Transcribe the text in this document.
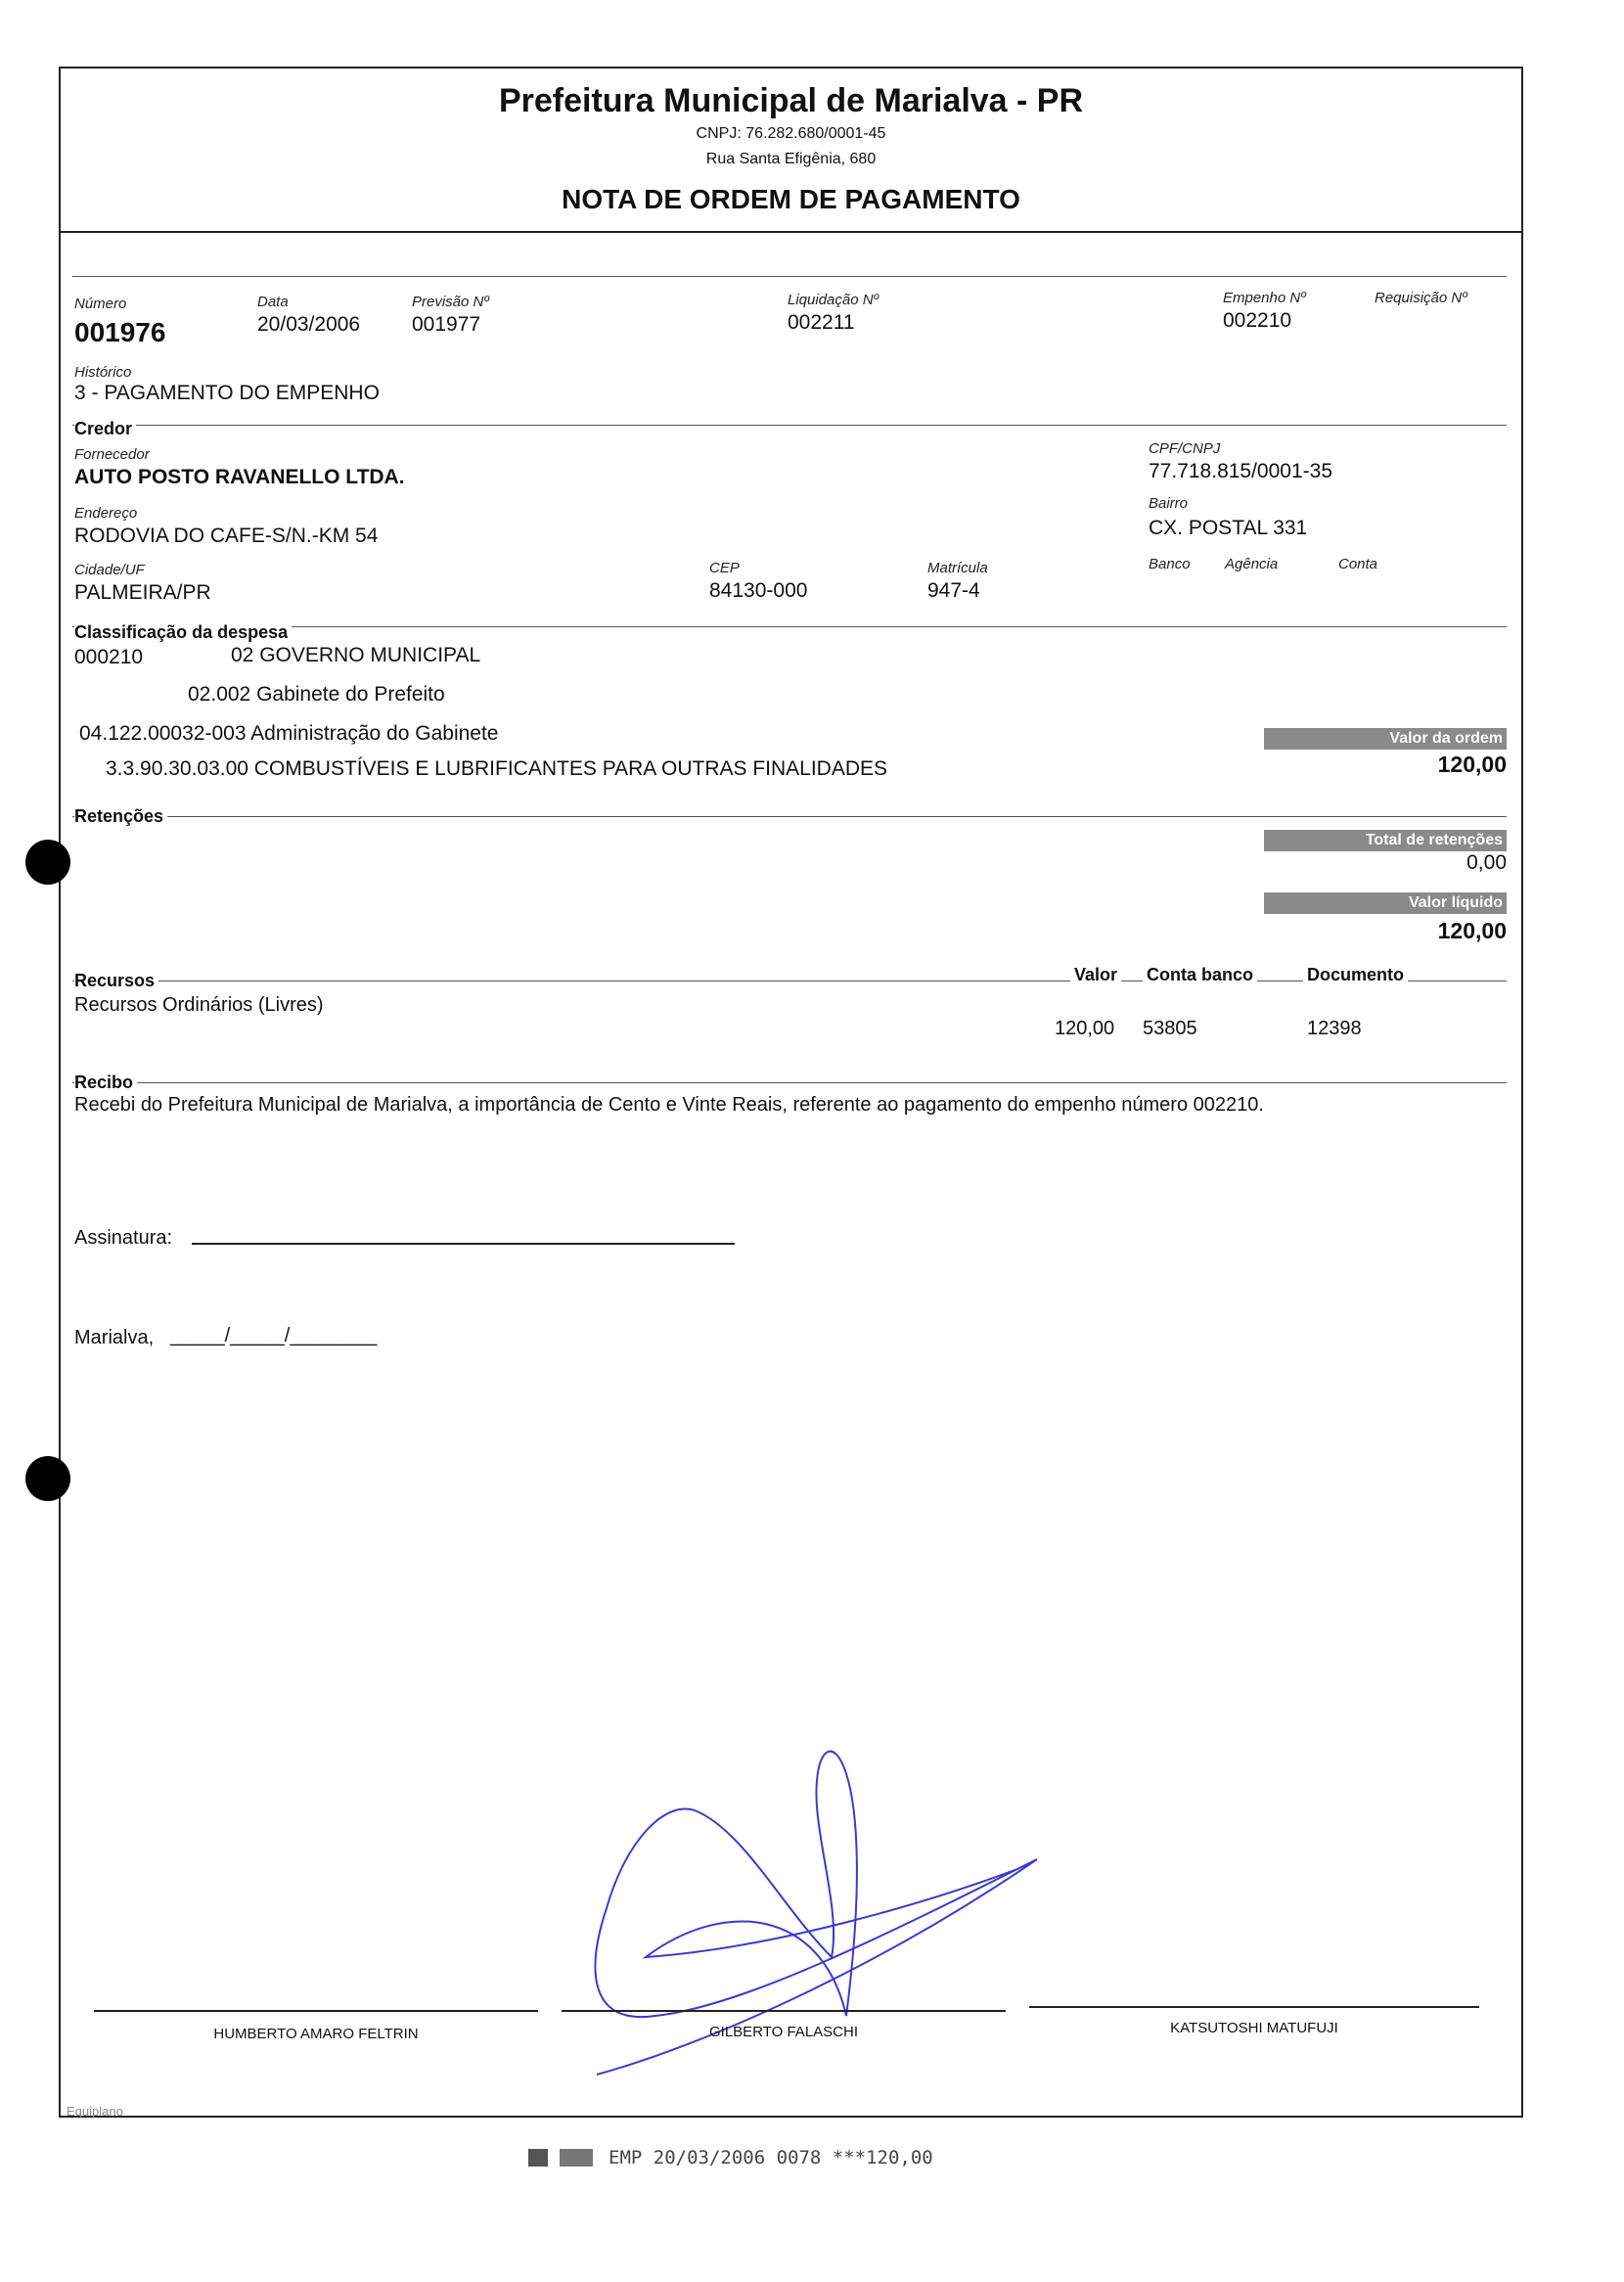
Prefeitura Municipal de Marialva - PR
CNPJ: 76.282.680/0001-45
Rua Santa Efigênia, 680
NOTA DE ORDEM DE PAGAMENTO
Número
001976
Data
20/03/2006
Previsão Nº
001977
Liquidação Nº
002211
Empenho Nº
002210
Requisição Nº
Histórico
3 - PAGAMENTO DO EMPENHO
Credor
Fornecedor
AUTO POSTO RAVANELLO LTDA.
CPF/CNPJ
77.718.815/0001-35
Endereço
RODOVIA DO CAFE-S/N.-KM 54
Bairro
CX. POSTAL 331
Cidade/UF
PALMEIRA/PR
CEP
84130-000
Matrícula
947-4
Banco Agência	Conta
Classificação da despesa
000210	02 GOVERNO MUNICIPAL
02.002 Gabinete do Prefeito
04.122.00032-003 Administração do Gabinete
3.3.90.30.03.00 COMBUSTÍVEIS E LUBRIFICANTES PARA OUTRAS FINALIDADES
Valor da ordem
120,00
Retenções
Total de retenções
0,00
Valor líquido
120,00
Recursos	Valor Conta banco	Documento
Recursos Ordinários (Livres)
120,00 53805	12398
Recibo
Recebi do Prefeitura Municipal de Marialva, a importância de Cento e Vinte Reais, referente ao pagamento do empenho número 002210.
Assinatura:
Marialva, _____/_____/________
HUMBERTO AMARO FELTRIN	GILBERTO FALASCHI	KATSUTOSHI MATUFUJI
Equiplano
EMP 20/03/2006 0078 ***120,00
